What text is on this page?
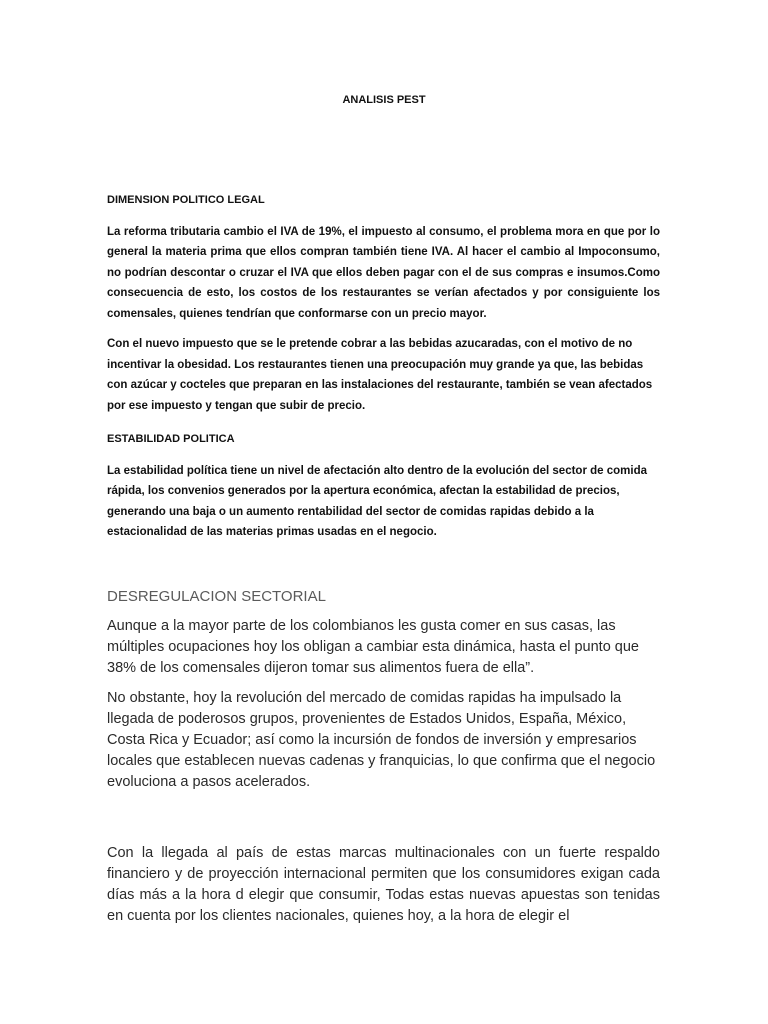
ANALISIS PEST
DIMENSION POLITICO LEGAL

La reforma tributaria cambio el IVA de 19%, el impuesto al consumo, el problema mora en que por lo general la materia prima que ellos compran también tiene IVA. Al hacer el cambio al Impoconsumo, no podrían descontar o cruzar el IVA que ellos deben pagar con el de sus compras e insumos.Como consecuencia de esto, los costos de los restaurantes se verían afectados y por consiguiente los comensales, quienes tendrían que conformarse con un precio mayor.

Con el nuevo impuesto que se le pretende cobrar a las bebidas azucaradas, con el motivo de no incentivar la obesidad. Los restaurantes tienen una preocupación muy grande ya que, las bebidas con azúcar y cocteles que preparan en las instalaciones del restaurante, también se vean afectados por ese impuesto y tengan que subir de precio.

ESTABILIDAD POLITICA

La estabilidad política tiene un nivel de afectación alto dentro de la evolución del sector de comida rápida, los convenios generados por la apertura económica, afectan la estabilidad de precios, generando una baja o un aumento rentabilidad del sector de comidas rapidas debido a la estacionalidad de las materias primas usadas en el negocio.

DESREGULACION SECTORIAL

Aunque a la mayor parte de los colombianos les gusta comer en sus casas, las múltiples ocupaciones hoy los obligan a cambiar esta dinámica, hasta el punto que 38% de los comensales dijeron tomar sus alimentos fuera de ella”.

No obstante, hoy la revolución del mercado de comidas rapidas ha impulsado la llegada de poderosos grupos, provenientes de Estados Unidos, España, México, Costa Rica y Ecuador; así como la incursión de fondos de inversión y empresarios locales que establecen nuevas cadenas y franquicias, lo que confirma que el negocio evoluciona a pasos acelerados.

Con la llegada al país de estas marcas multinacionales con un fuerte respaldo financiero y de proyección internacional permiten que los consumidores exigan cada días más a la hora d elegir que consumir, Todas estas nuevas apuestas son tenidas en cuenta por los clientes nacionales, quienes hoy, a la hora de elegir el
